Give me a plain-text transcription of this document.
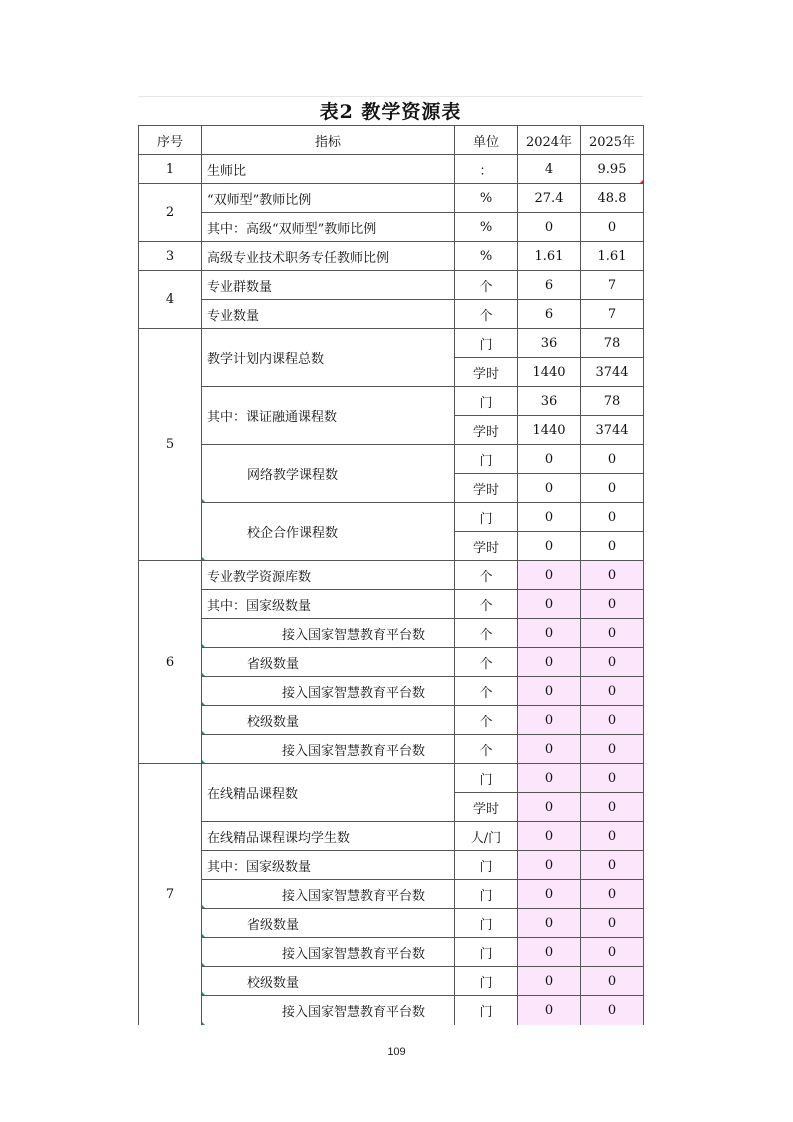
表2 教学资源表
序号	指标	单位	2024年	2025年
1	生师比	：	4	9.95
2	“双师型”教师比例	%	27.4	48.8
	其中：高级“双师型”教师比例	%	0	0
3	高级专业技术职务专任教师比例	%	1.61	1.61
4	专业群数量	个	6	7
	专业数量	个	6	7
5	教学计划内课程总数	门	36	78
		学时	1440	3744
	其中：课证融通课程数	门	36	78
		学时	1440	3744
	网络教学课程数	门	0	0
		学时	0	0
	校企合作课程数	门	0	0
		学时	0	0
6	专业教学资源库数	个	0	0
	其中：国家级数量	个	0	0
	接入国家智慧教育平台数	个	0	0
	省级数量	个	0	0
	接入国家智慧教育平台数	个	0	0
	校级数量	个	0	0
	接入国家智慧教育平台数	个	0	0
7	在线精品课程数	门	0	0
		学时	0	0
	在线精品课程课均学生数	人/门	0	0
	其中：国家级数量	门	0	0
	接入国家智慧教育平台数	门	0	0
	省级数量	门	0	0
	接入国家智慧教育平台数	门	0	0
	校级数量	门	0	0
	接入国家智慧教育平台数	门	0	0
109
